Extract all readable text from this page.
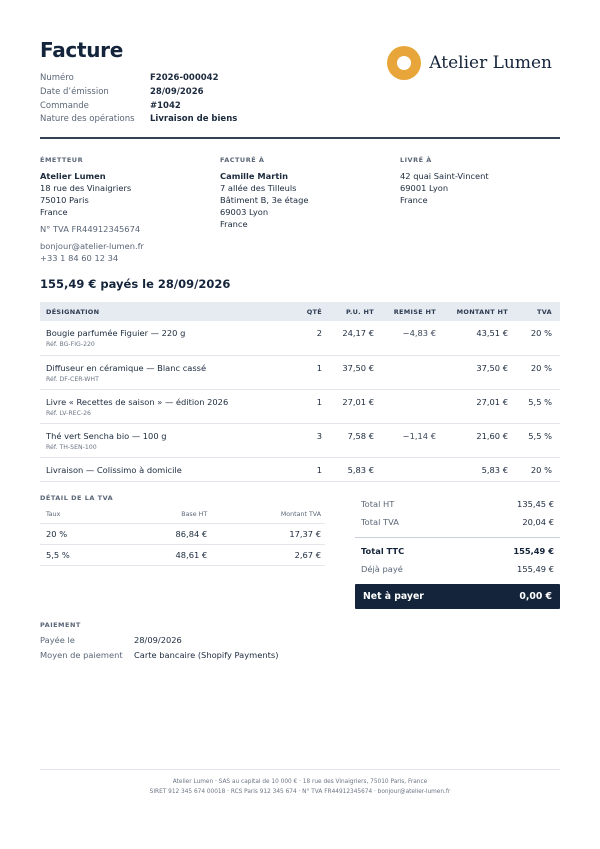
Facture
Numéro	F2026-000042
Date d’émission	28/09/2026
Commande	#1042
Nature des opérations	Livraison de biens
Atelier Lumen
ÉMETTEUR
Atelier Lumen
18 rue des Vinaigriers
75010 Paris
France
N° TVA FR44912345674
bonjour@atelier-lumen.fr
+33 1 84 60 12 34
FACTURÉ À
Camille Martin
7 allée des Tilleuls
Bâtiment B, 3e étage
69003 Lyon
France
LIVRÉ À
42 quai Saint-Vincent
69001 Lyon
France
155,49 € payés le 28/09/2026
DÉSIGNATION	QTÉ	P.U. HT	REMISE HT	MONTANT HT	TVA
Bougie parfumée Figuier — 220 g
Réf. BG-FIG-220	2	24,17 €	−4,83 €	43,51 €	20 %
Diffuseur en céramique — Blanc cassé
Réf. DF-CER-WHT	1	37,50 €		37,50 €	20 %
Livre « Recettes de saison » — édition 2026
Réf. LV-REC-26	1	27,01 €		27,01 €	5,5 %
Thé vert Sencha bio — 100 g
Réf. TH-SEN-100	3	7,58 €	−1,14 €	21,60 €	5,5 %
Livraison — Colissimo à domicile	1	5,83 €		5,83 €	20 %
DÉTAIL DE LA TVA
Taux	Base HT	Montant TVA
20 %	86,84 €	17,37 €
5,5 %	48,61 €	2,67 €
Total HT	135,45 €
Total TVA	20,04 €
Total TTC	155,49 €
Déjà payé	155,49 €
Net à payer	0,00 €
PAIEMENT
Payée le	28/09/2026
Moyen de paiement	Carte bancaire (Shopify Payments)
Atelier Lumen · SAS au capital de 10 000 € · 18 rue des Vinaigriers, 75010 Paris, France
SIRET 912 345 674 00018 · RCS Paris 912 345 674 · N° TVA FR44912345674 · bonjour@atelier-lumen.fr
